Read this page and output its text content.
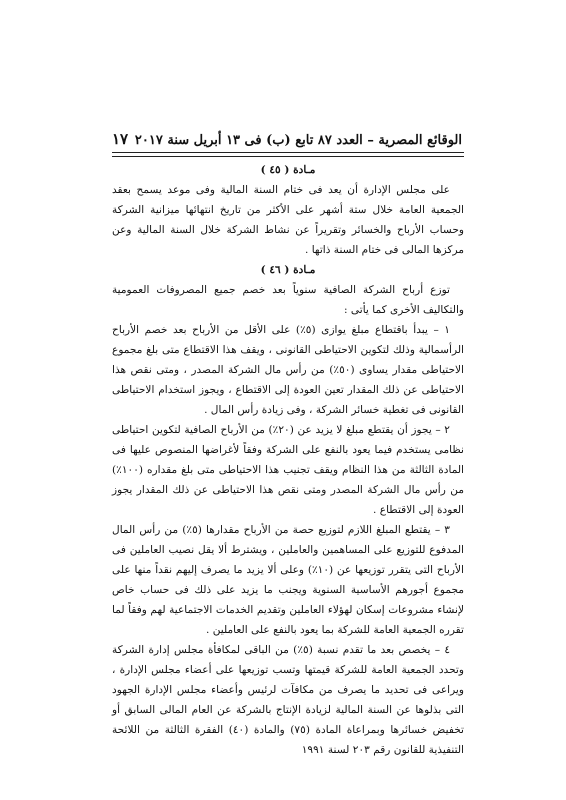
الوقائع المصرية – العدد ٨٧ تابع (ب) فى ١٣ أبريل سنة ٢٠١٧
١٧

مـادة ( ٤٥ )

على مجلس الإدارة أن يعد فى ختام السنة المالية وفى موعد يسمح بعقد الجمعية العامة خلال ستة أشهر على الأكثر من تاريخ انتهائها ميزانية الشركة وحساب الأرباح والخسائر وتقريراً عن نشاط الشركة خلال السنة المالية وعن مركزها المالى فى ختام السنة ذاتها .

مـادة ( ٤٦ )

توزع أرباح الشركة الصافية سنوياً بعد خصم جميع المصروفات العمومية والتكاليف الأخرى كما يأتى :

١ – يبدأ باقتطاع مبلغ يوازى (٥٪) على الأقل من الأرباح بعد خصم الأرباح الرأسمالية وذلك لتكوين الاحتياطى القانونى ، ويقف هذا الاقتطاع متى بلغ مجموع الاحتياطى مقدار يساوى (٥٠٪) من رأس مال الشركة المصدر ، ومتى نقص هذا الاحتياطى عن ذلك المقدار تعين العودة إلى الاقتطاع ، ويجوز استخدام الاحتياطى القانونى فى تغطية خسائر الشركة ، وفى زيادة رأس المال .

٢ – يجوز أن يقتطع مبلغ لا يزيد عن (٢٠٪) من الأرباح الصافية لتكوين احتياطى نظامى يستخدم فيما يعود بالنفع على الشركة وفقاً لأغراضها المنصوص عليها فى المادة الثالثة من هذا النظام ويقف تجنيب هذا الاحتياطى متى بلغ مقداره (١٠٠٪) من رأس مال الشركة المصدر ومتى نقص هذا الاحتياطى عن ذلك المقدار يجوز العودة إلى الاقتطاع .

٣ – يقتطع المبلغ اللازم لتوزيع حصة من الأرباح مقدارها (٥٪) من رأس المال المدفوع للتوزيع على المساهمين والعاملين ، ويشترط ألا يقل نصيب العاملين فى الأرباح التى يتقرر توزيعها عن (١٠٪) وعلى ألا يزيد ما يصرف إليهم نقداً منها على مجموع أجورهم الأساسية السنوية ويجنب ما يزيد على ذلك فى حساب خاص لإنشاء مشروعات إسكان لهؤلاء العاملين وتقديم الخدمات الاجتماعية لهم وفقاً لما تقرره الجمعية العامة للشركة بما يعود بالنفع على العاملين .

٤ – يخصص بعد ما تقدم نسبة (٥٪) من الباقى لمكافأة مجلس إدارة الشركة وتحدد الجمعية العامة للشركة قيمتها وتسب توزيعها على أعضاء مجلس الإدارة ، ويراعى فى تحديد ما يصرف من مكافآت لرئيس وأعضاء مجلس الإدارة الجهود التى بذلوها عن السنة المالية لزيادة الإنتاج بالشركة عن العام المالى السابق أو تخفيض خسائرها وبمراعاة المادة (٧٥) والمادة (٤٠) الفقرة الثالثة من اللائحة التنفيذية للقانون رقم ٢٠٣ لسنة ١٩٩١
